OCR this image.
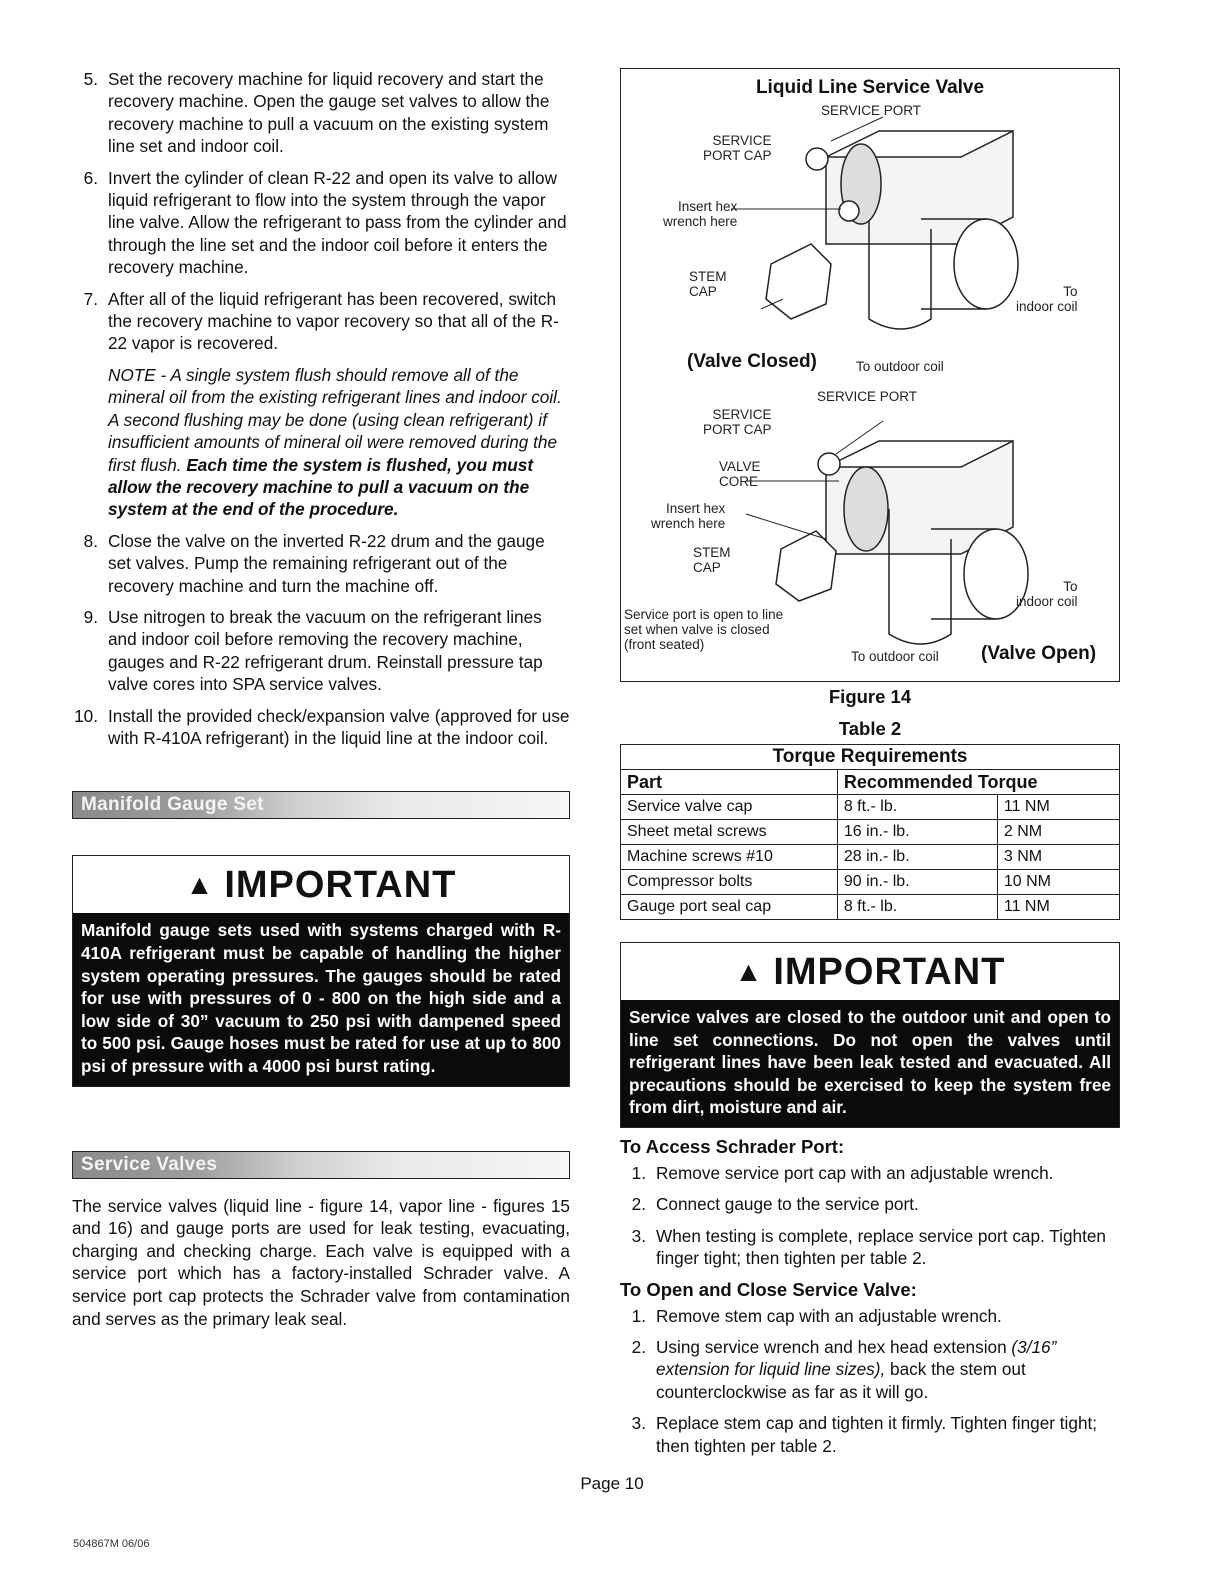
5. Set the recovery machine for liquid recovery and start the recovery machine. Open the gauge set valves to allow the recovery machine to pull a vacuum on the existing system line set and indoor coil.
6. Invert the cylinder of clean R-22 and open its valve to allow liquid refrigerant to flow into the system through the vapor line valve. Allow the refrigerant to pass from the cylinder and through the line set and the indoor coil before it enters the recovery machine.
7. After all of the liquid refrigerant has been recovered, switch the recovery machine to vapor recovery so that all of the R-22 vapor is recovered.
NOTE - A single system flush should remove all of the mineral oil from the existing refrigerant lines and indoor coil. A second flushing may be done (using clean refrigerant) if insufficient amounts of mineral oil were removed during the first flush. Each time the system is flushed, you must allow the recovery machine to pull a vacuum on the system at the end of the procedure.
8. Close the valve on the inverted R-22 drum and the gauge set valves. Pump the remaining refrigerant out of the recovery machine and turn the machine off.
9. Use nitrogen to break the vacuum on the refrigerant lines and indoor coil before removing the recovery machine, gauges and R-22 refrigerant drum. Reinstall pressure tap valve cores into SPA service valves.
10. Install the provided check/expansion valve (approved for use with R-410A refrigerant) in the liquid line at the indoor coil.
Manifold Gauge Set
▲ IMPORTANT
Manifold gauge sets used with systems charged with R-410A refrigerant must be capable of handling the higher system operating pressures. The gauges should be rated for use with pressures of 0 - 800 on the high side and a low side of 30” vacuum to 250 psi with dampened speed to 500 psi. Gauge hoses must be rated for use at up to 800 psi of pressure with a 4000 psi burst rating.
Service Valves
The service valves (liquid line - figure 14, vapor line - figures 15 and 16) and gauge ports are used for leak testing, evacuating, charging and checking charge. Each valve is equipped with a service port which has a factory-installed Schrader valve. A service port cap protects the Schrader valve from contamination and serves as the primary leak seal.
Liquid Line Service Valve
SERVICE PORT
SERVICE
PORT CAP
Insert hex
wrench here
STEM
CAP	To
indoor coil
(Valve Closed)	To outdoor coil
SERVICE PORT
SERVICE
PORT CAP
VALVE
CORE
Insert hex
wrench here
STEM
CAP
To
indoor coil
Service port is open to line
set when valve is closed
(front seated)
To outdoor coil (Valve Open)
Figure 14
Table 2
Torque Requirements		
Part	Recommended Torque	
Service valve cap	8 ft.- lb.	11 NM
Sheet metal screws	16 in.- lb.	2 NM
Machine screws #10	28 in.- lb.	3 NM
Compressor bolts	90 in.- lb.	10 NM
Gauge port seal cap	8 ft.- lb.	11 NM
▲ IMPORTANT
Service valves are closed to the outdoor unit and open to line set connections. Do not open the valves until refrigerant lines have been leak tested and evacuated. All precautions should be exercised to keep the system free from dirt, moisture and air.
To Access Schrader Port:
1. Remove service port cap with an adjustable wrench.
2. Connect gauge to the service port.
3. When testing is complete, replace service port cap. Tighten finger tight; then tighten per table 2.
To Open and Close Service Valve:
1. Remove stem cap with an adjustable wrench.
2. Using service wrench and hex head extension (3/16” extension for liquid line sizes), back the stem out counterclockwise as far as it will go.
3. Replace stem cap and tighten it firmly. Tighten finger tight; then tighten per table 2.
Page 10
504867M 06/06
